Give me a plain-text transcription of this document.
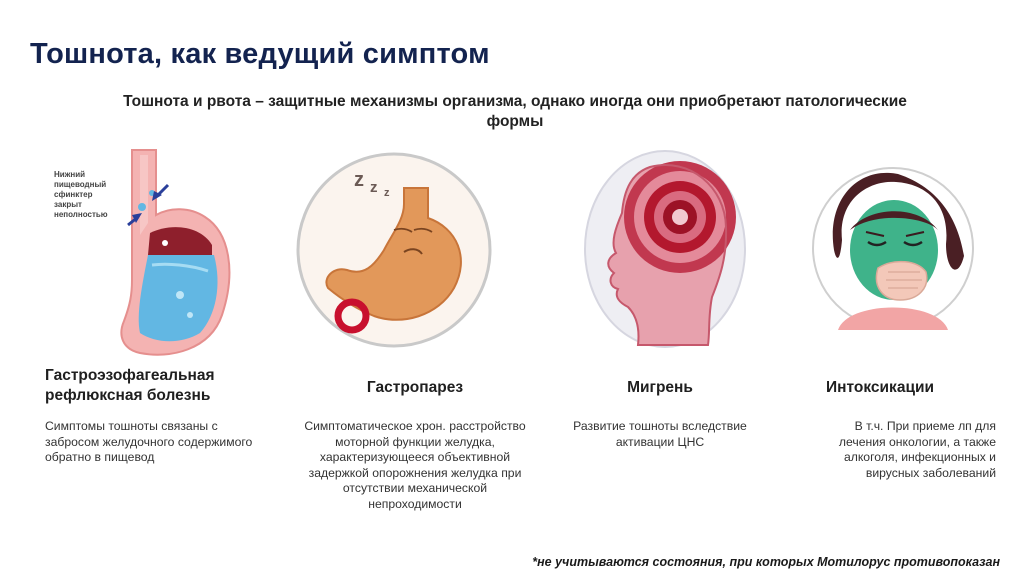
Тошнота, как ведущий симптом

Тошнота и рвота – защитные механизмы организма, однако иногда они приобретают патологические формы

Нижний пищеводный сфинктер закрыт неполностью
z z z
Гастроэзофагеальная рефлюксная болезнь
Симптомы тошноты связаны с забросом желудочного содержимого обратно в пищевод
Гастропарез
Симптоматическое хрон. расстройство моторной функции желудка, характеризующееся объективной задержкой опорожнения желудка при отсутствии механической непроходимости
Мигрень
Развитие тошноты вследствие активации ЦНС
Интоксикации
В т.ч. При приеме лп для лечения онкологии, а также алкоголя, инфекционных и вирусных заболеваний
*не учитываются состояния, при которых Мотилорус противопоказан
